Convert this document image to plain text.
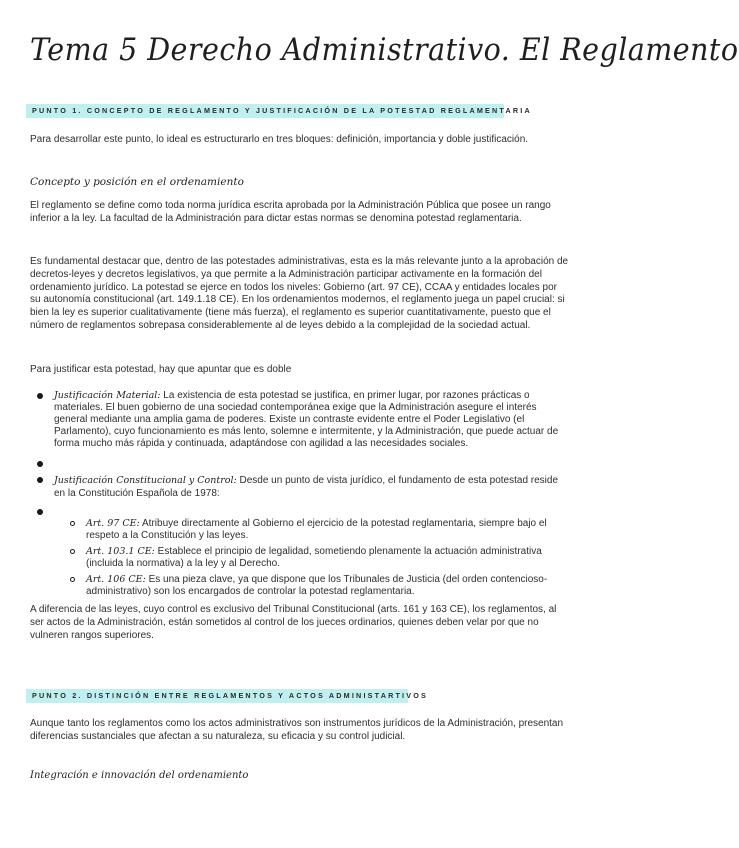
Tema 5 Derecho Administrativo. El Reglamento
PUNTO 1. CONCEPTO DE REGLAMENTO Y JUSTIFICACIÓN DE LA POTESTAD REGLAMENTARIA
Para desarrollar este punto, lo ideal es estructurarlo en tres bloques: definición, importancia y doble justificación.
Concepto y posición en el ordenamiento
El reglamento se define como toda norma jurídica escrita aprobada por la Administración Pública que posee un rango inferior a la ley. La facultad de la Administración para dictar estas normas se denomina potestad reglamentaria.
Es fundamental destacar que, dentro de las potestades administrativas, esta es la más relevante junto a la aprobación de decretos-leyes y decretos legislativos, ya que permite a la Administración participar activamente en la formación del ordenamiento jurídico. La potestad se ejerce en todos los niveles: Gobierno (art. 97 CE), CCAA y entidades locales por su autonomía constitucional (art. 149.1.18 CE). En los ordenamientos modernos, el reglamento juega un papel crucial: si bien la ley es superior cualitativamente (tiene más fuerza), el reglamento es superior cuantitativamente, puesto que el número de reglamentos sobrepasa considerablemente al de leyes debido a la complejidad de la sociedad actual.
Para justificar esta potestad, hay que apuntar que es doble
Justificación Material: La existencia de esta potestad se justifica, en primer lugar, por razones prácticas o materiales. El buen gobierno de una sociedad contemporánea exige que la Administración asegure el interés general mediante una amplia gama de poderes. Existe un contraste evidente entre el Poder Legislativo (el Parlamento), cuyo funcionamiento es más lento, solemne e intermitente, y la Administración, que puede actuar de forma mucho más rápida y continuada, adaptándose con agilidad a las necesidades sociales.
Justificación Constitucional y Control: Desde un punto de vista jurídico, el fundamento de esta potestad reside en la Constitución Española de 1978:
Art. 97 CE: Atribuye directamente al Gobierno el ejercicio de la potestad reglamentaria, siempre bajo el respeto a la Constitución y las leyes.
Art. 103.1 CE: Establece el principio de legalidad, sometiendo plenamente la actuación administrativa (incluida la normativa) a la ley y al Derecho.
Art. 106 CE: Es una pieza clave, ya que dispone que los Tribunales de Justicia (del orden contencioso-administrativo) son los encargados de controlar la potestad reglamentaria.
A diferencia de las leyes, cuyo control es exclusivo del Tribunal Constitucional (arts. 161 y 163 CE), los reglamentos, al ser actos de la Administración, están sometidos al control de los jueces ordinarios, quienes deben velar por que no vulneren rangos superiores.
PUNTO 2. DISTINCIÓN ENTRE REGLAMENTOS Y ACTOS ADMINISTARTIVOS
Aunque tanto los reglamentos como los actos administrativos son instrumentos jurídicos de la Administración, presentan diferencias sustanciales que afectan a su naturaleza, su eficacia y su control judicial.
Integración e innovación del ordenamiento
